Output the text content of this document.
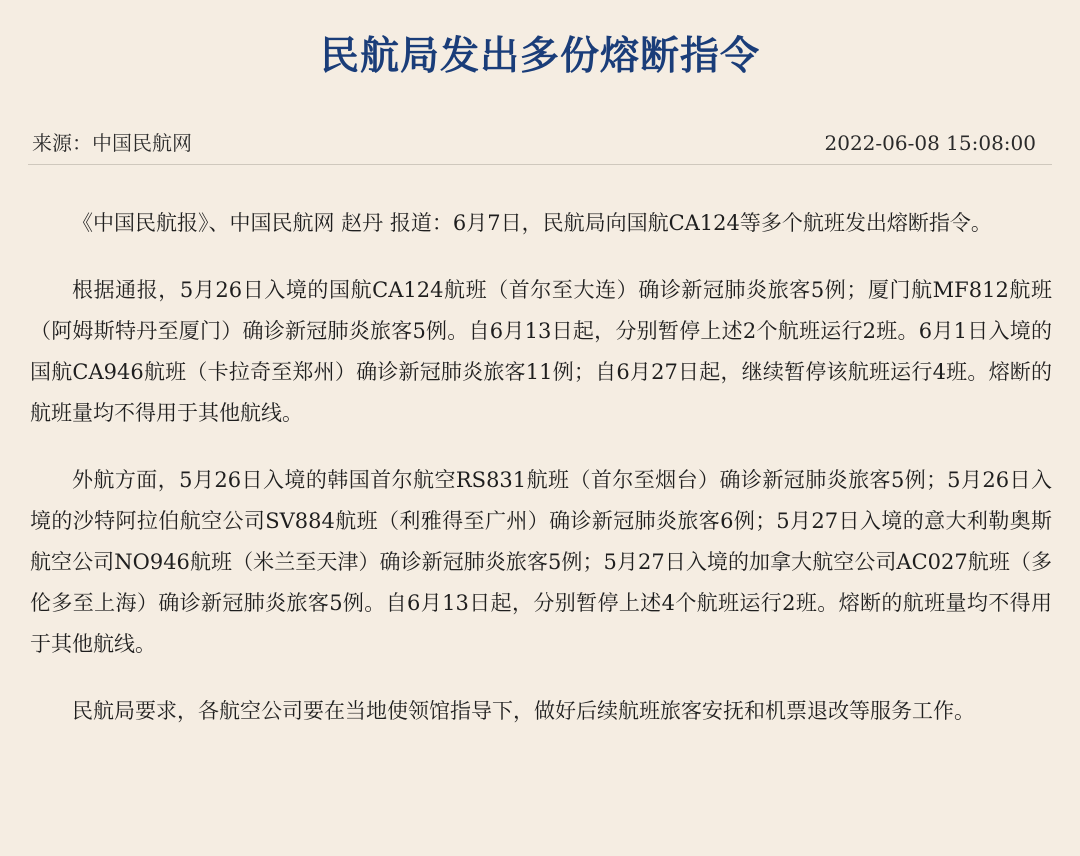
民航局发出多份熔断指令
来源：中国民航网	2022-06-08 15:08:00

《中国民航报》、中国民航网 赵丹 报道：6月7日，民航局向国航CA124等多个航班发出熔断指令。

根据通报，5月26日入境的国航CA124航班（首尔至大连）确诊新冠肺炎旅客5例；厦门航MF812航班（阿姆斯特丹至厦门）确诊新冠肺炎旅客5例。自6月13日起，分别暂停上述2个航班运行2班。6月1日入境的国航CA946航班（卡拉奇至郑州）确诊新冠肺炎旅客11例；自6月27日起，继续暂停该航班运行4班。熔断的航班量均不得用于其他航线。

外航方面，5月26日入境的韩国首尔航空RS831航班（首尔至烟台）确诊新冠肺炎旅客5例；5月26日入境的沙特阿拉伯航空公司SV884航班（利雅得至广州）确诊新冠肺炎旅客6例；5月27日入境的意大利勒奥斯航空公司NO946航班（米兰至天津）确诊新冠肺炎旅客5例；5月27日入境的加拿大航空公司AC027航班（多伦多至上海）确诊新冠肺炎旅客5例。自6月13日起，分别暂停上述4个航班运行2班。熔断的航班量均不得用于其他航线。

民航局要求，各航空公司要在当地使领馆指导下，做好后续航班旅客安抚和机票退改等服务工作。
